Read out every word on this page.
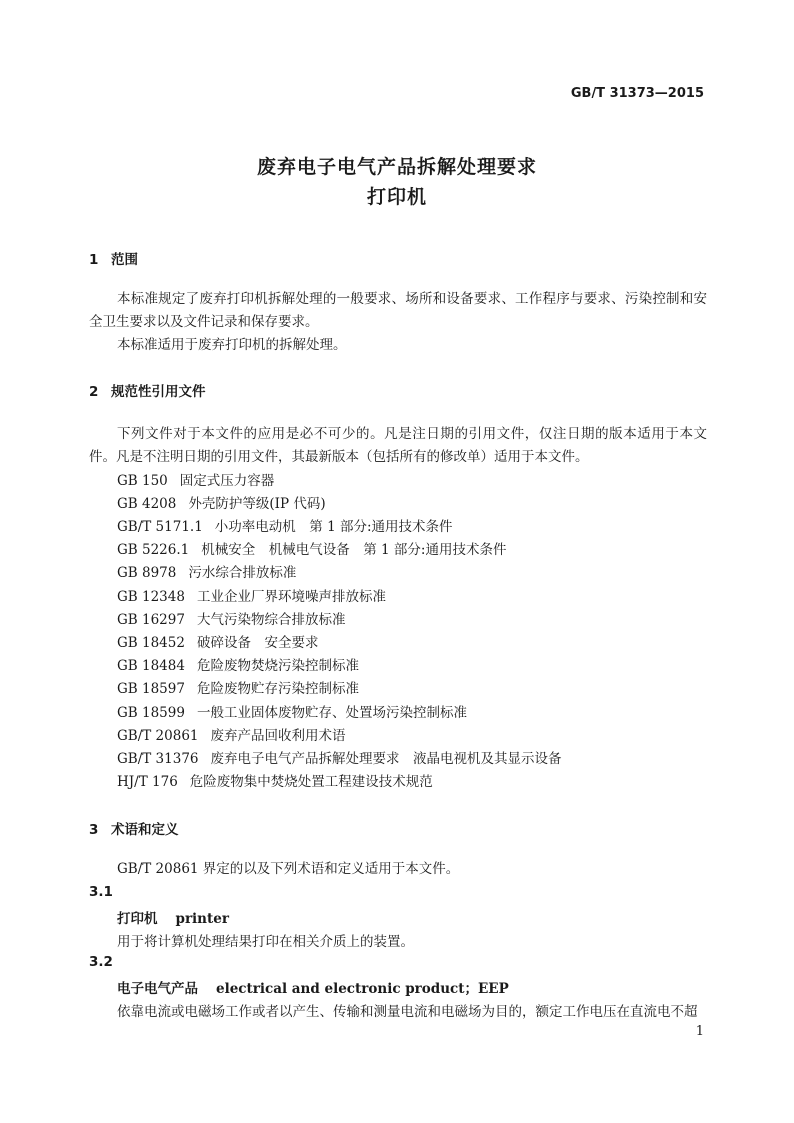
GB/T 31373—2015
废弃电子电气产品拆解处理要求
打印机
1 范围
本标准规定了废弃打印机拆解处理的一般要求、场所和设备要求、工作程序与要求、污染控制和安全卫生要求以及文件记录和保存要求。
本标准适用于废弃打印机的拆解处理。
2 规范性引用文件
下列文件对于本文件的应用是必不可少的。凡是注日期的引用文件，仅注日期的版本适用于本文件。凡是不注明日期的引用文件，其最新版本（包括所有的修改单）适用于本文件。
GB 150 固定式压力容器
GB 4208 外壳防护等级(IP 代码)
GB/T 5171.1 小功率电动机　第 1 部分:通用技术条件
GB 5226.1 机械安全　机械电气设备　第 1 部分:通用技术条件
GB 8978 污水综合排放标准
GB 12348 工业企业厂界环境噪声排放标准
GB 16297 大气污染物综合排放标准
GB 18452 破碎设备　安全要求
GB 18484 危险废物焚烧污染控制标准
GB 18597 危险废物贮存污染控制标准
GB 18599 一般工业固体废物贮存、处置场污染控制标准
GB/T 20861 废弃产品回收利用术语
GB/T 31376 废弃电子电气产品拆解处理要求　液晶电视机及其显示设备
HJ/T 176 危险废物集中焚烧处置工程建设技术规范
3 术语和定义
GB/T 20861 界定的以及下列术语和定义适用于本文件。
3.1
打印机 printer
用于将计算机处理结果打印在相关介质上的装置。
3.2
电子电气产品 electrical and electronic product；EEP
依靠电流或电磁场工作或者以产生、传输和测量电流和电磁场为目的，额定工作电压在直流电不超
1
